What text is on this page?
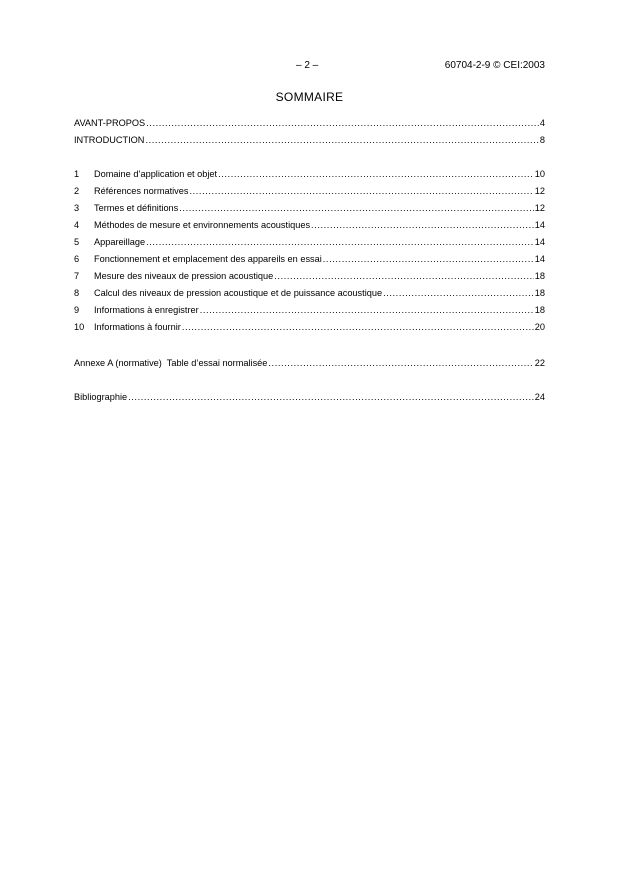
– 2 –	60704-2-9 © CEI:2003
SOMMAIRE
AVANT-PROPOS .....	4
INTRODUCTION .....	8
1	Domaine d’application et objet .....	10
2	Références normatives .....	12
3	Termes et définitions .....	12
4	Méthodes de mesure et environnements acoustiques .....	14
5	Appareillage .....	14
6	Fonctionnement et emplacement des appareils en essai .....	14
7	Mesure des niveaux de pression acoustique .....	18
8	Calcul des niveaux de pression acoustique et de puissance acoustique .....	18
9	Informations à enregistrer .....	18
10	Informations à fournir .....	20
Annexe A (normative)  Table d’essai normalisée .....	22
Bibliographie .....	24
